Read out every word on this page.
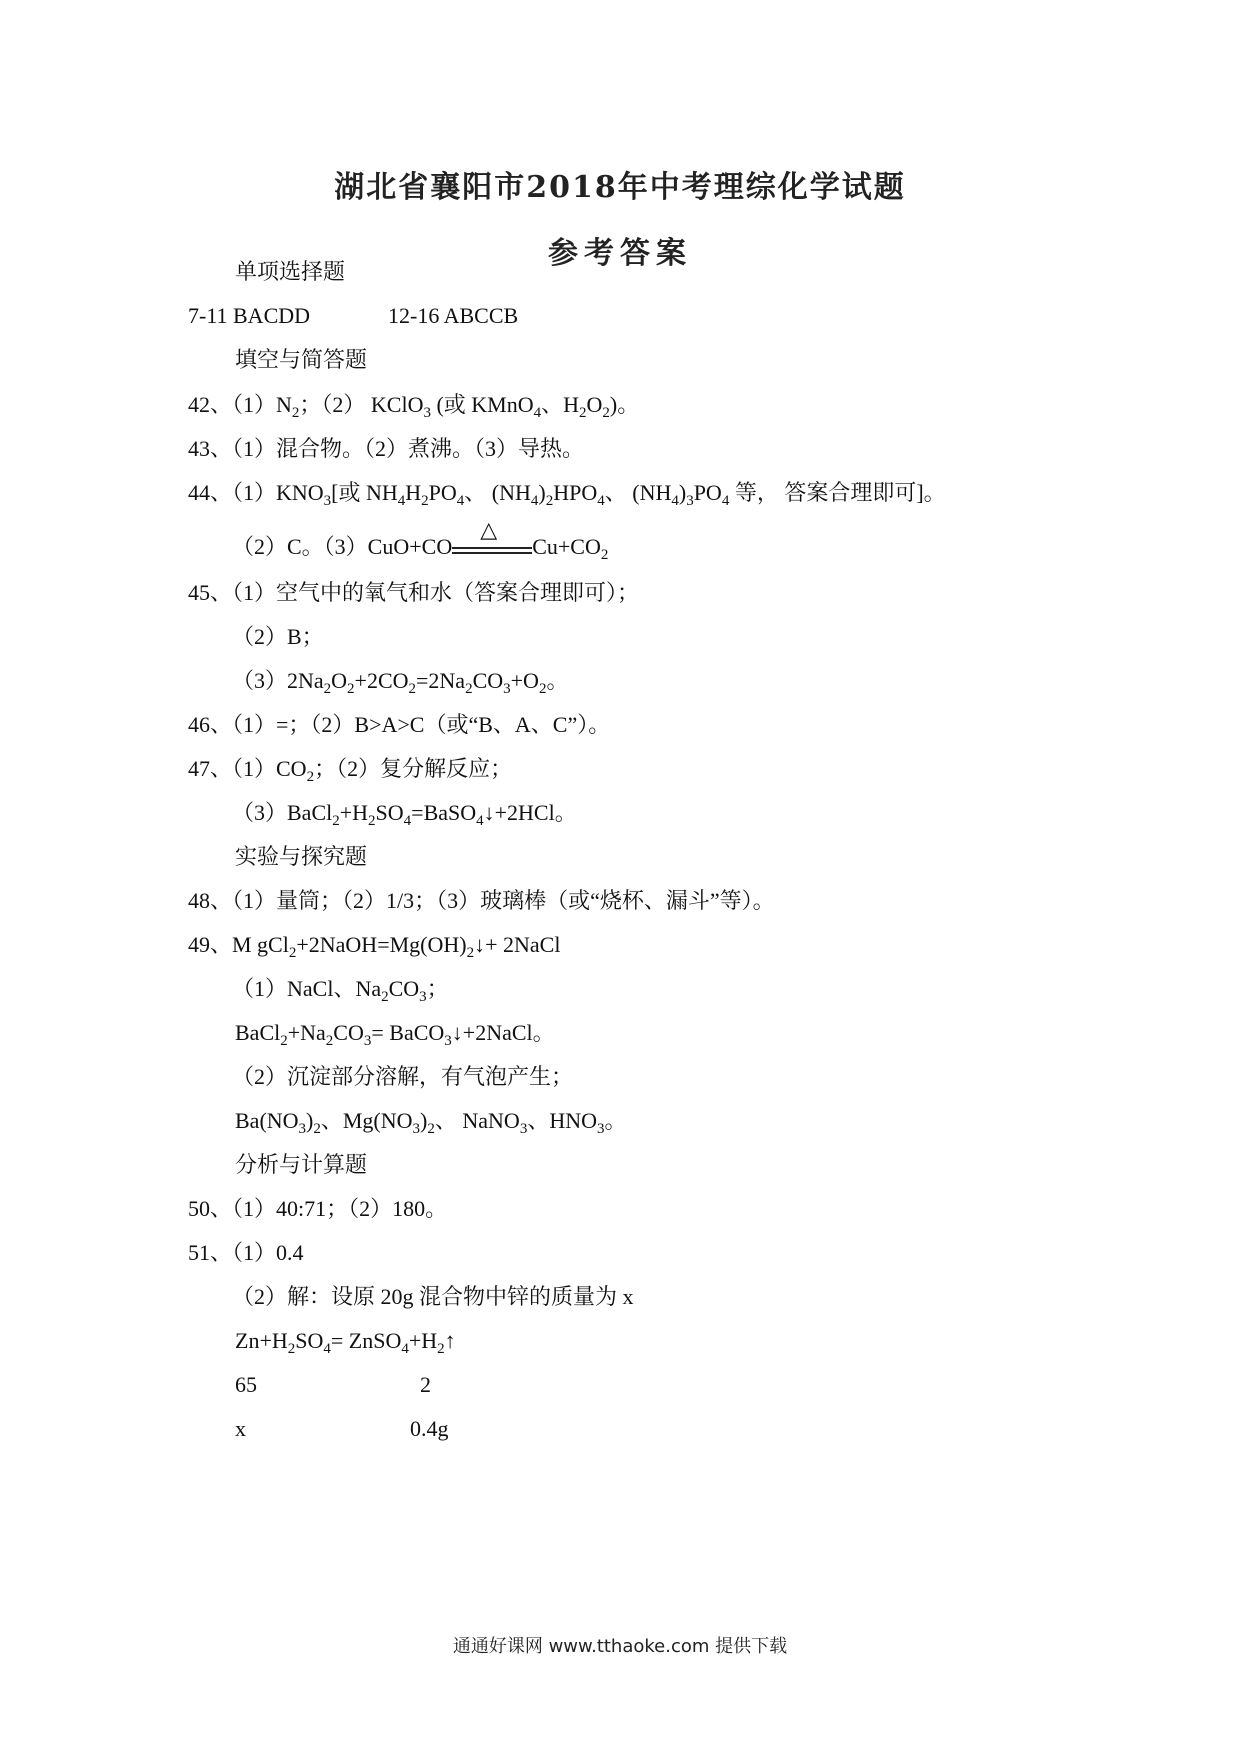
湖北省襄阳市2018年中考理综化学试题
参考答案
单项选择题
7-11 BACDD	12-16 ABCCB
填空与简答题
42、$(1)N_2$；（2） KClO$_3$ (或 KMnO$_4$、$H_2O_2$)。
43、（1）混合物。（2）煮沸。（3）导热。
44、$(1)KNO_3$[或 $NH_4H_2PO_4$、 $(NH_4)_2HPO_4$、 $(NH_4)_3PO_4$ 等， 答案合理即可]。
（2）C。（3）CuO+CO
△
$Cu+CO_2$
45、（1）空气中的氧气和水（答案合理即可）；
（2）B；
$(3)2Na_2O_2+2CO_2=2Na_2CO_3+O_2$。
46、（1）=；（2）B>A>C（或“B、A、C”）。
47、$(1)CO_2$；（2）复分解反应；
$(3)BaCl_2+H_2SO_4=BaSO_4↓+2HCl$。
实验与探究题
48、（1）量筒；（2）1/3；（3）玻璃棒（或“烧杯、漏斗”等）。
49、M $gCl_2+2NaOH=Mg(OH)_2↓+$ 2NaCl
（1）NaCl、$Na_2CO_3$；
$BaCl_2+Na_2CO_3=$ BaCO$_3$↓+2NaCl。
（2）沉淀部分溶解，有气泡产生；
$Ba(NO_3)_2$、$Mg(NO_3)_2$、 NaNO$_3$、$HNO_3$。
分析与计算题
50、（1）40:71；（2）180。
51、（1）0.4
（2）解：设原 20g 混合物中锌的质量为 x
$Zn+H_2SO_4=$ $ZnSO_4+H_2↑$
65	2
x	0.4g
通通好课网 www.tthaoke.com 提供下载
